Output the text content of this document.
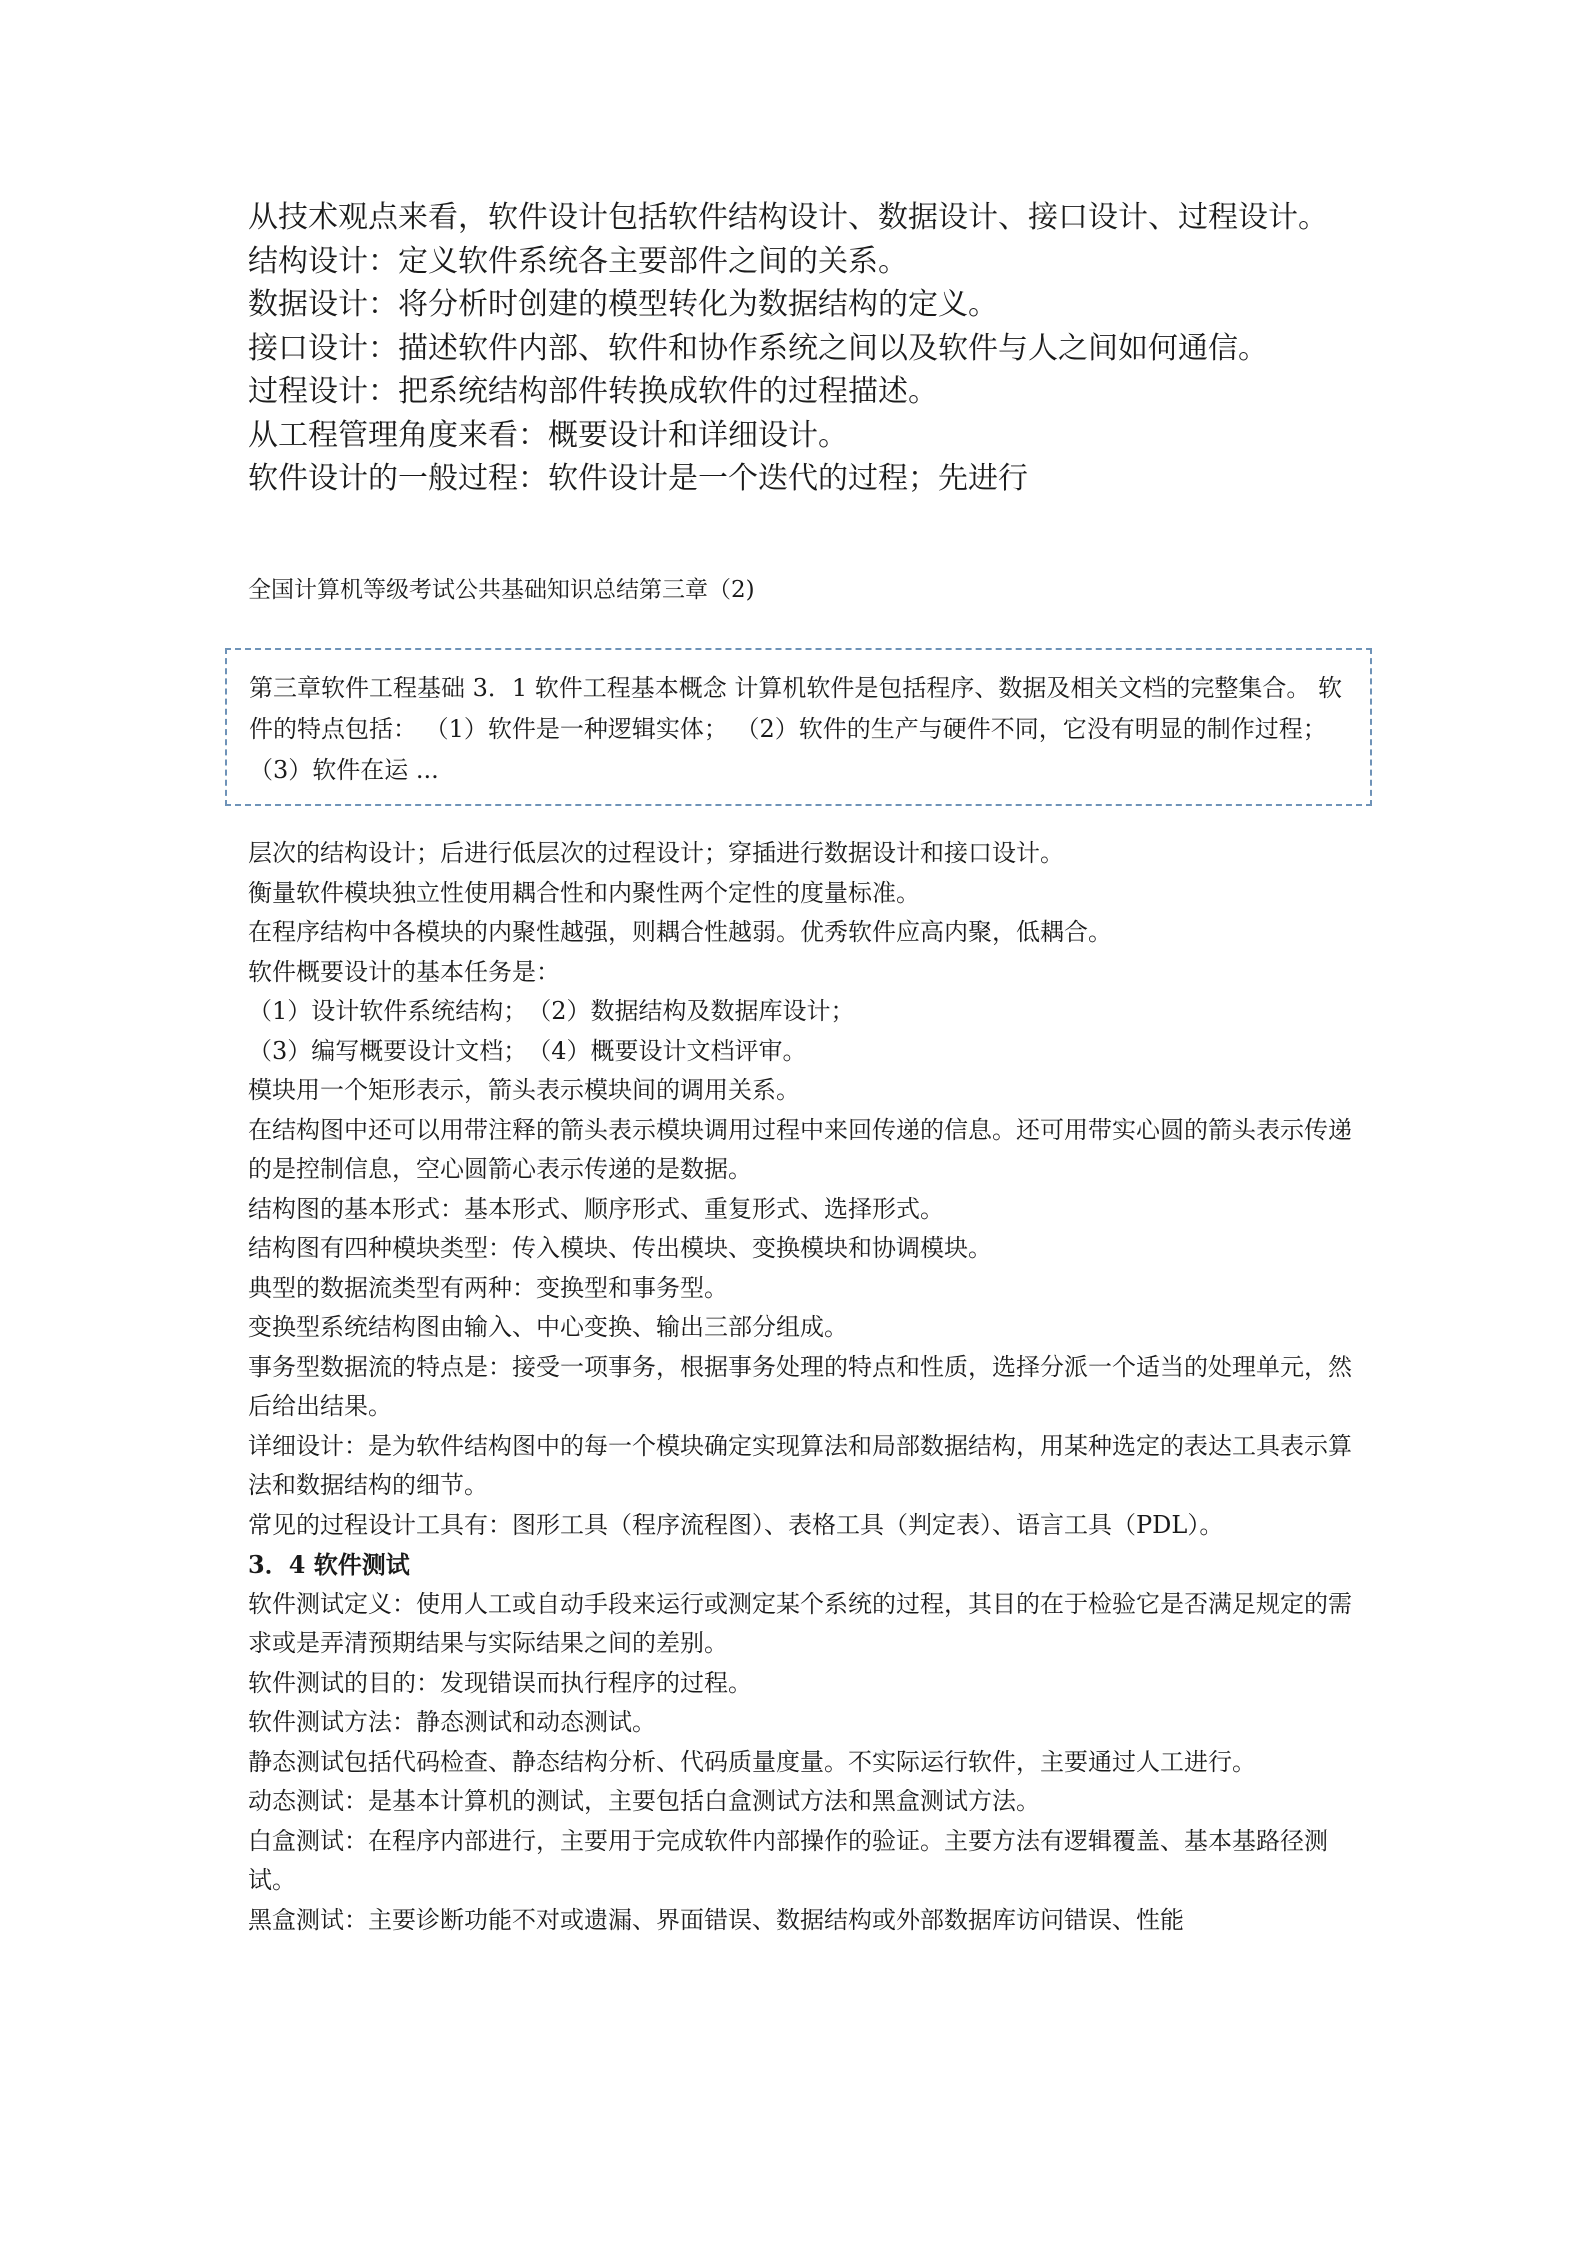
从技术观点来看，软件设计包括软件结构设计、数据设计、接口设计、过程设计。

结构设计：定义软件系统各主要部件之间的关系。

数据设计：将分析时创建的模型转化为数据结构的定义。

接口设计：描述软件内部、软件和协作系统之间以及软件与人之间如何通信。

过程设计：把系统结构部件转换成软件的过程描述。

从工程管理角度来看：概要设计和详细设计。

软件设计的一般过程：软件设计是一个迭代的过程；先进行

全国计算机等级考试公共基础知识总结第三章（2)

第三章软件工程基础 3．1 软件工程基本概念 计算机软件是包括程序、数据及相关文档的完整集合。 软件的特点包括： （1）软件是一种逻辑实体； （2）软件的生产与硬件不同，它没有明显的制作过程； （3）软件在运 ...

层次的结构设计；后进行低层次的过程设计；穿插进行数据设计和接口设计。

衡量软件模块独立性使用耦合性和内聚性两个定性的度量标准。

在程序结构中各模块的内聚性越强，则耦合性越弱。优秀软件应高内聚，低耦合。

软件概要设计的基本任务是：

（1）设计软件系统结构；　（2）数据结构及数据库设计；

（3）编写概要设计文档；　（4）概要设计文档评审。

模块用一个矩形表示，箭头表示模块间的调用关系。

在结构图中还可以用带注释的箭头表示模块调用过程中来回传递的信息。还可用带实心圆的箭头表示传递的是控制信息，空心圆箭心表示传递的是数据。

结构图的基本形式：基本形式、顺序形式、重复形式、选择形式。

结构图有四种模块类型：传入模块、传出模块、变换模块和协调模块。

典型的数据流类型有两种：变换型和事务型。

变换型系统结构图由输入、中心变换、输出三部分组成。

事务型数据流的特点是：接受一项事务，根据事务处理的特点和性质，选择分派一个适当的处理单元，然后给出结果。

详细设计：是为软件结构图中的每一个模块确定实现算法和局部数据结构，用某种选定的表达工具表示算法和数据结构的细节。

常见的过程设计工具有：图形工具（程序流程图）、表格工具（判定表）、语言工具（PDL）。

3．4 软件测试

软件测试定义：使用人工或自动手段来运行或测定某个系统的过程，其目的在于检验它是否满足规定的需求或是弄清预期结果与实际结果之间的差别。

软件测试的目的：发现错误而执行程序的过程。

软件测试方法：静态测试和动态测试。

静态测试包括代码检查、静态结构分析、代码质量度量。不实际运行软件，主要通过人工进行。

动态测试：是基本计算机的测试，主要包括白盒测试方法和黑盒测试方法。

白盒测试：在程序内部进行，主要用于完成软件内部操作的验证。主要方法有逻辑覆盖、基本基路径测试。

黑盒测试：主要诊断功能不对或遗漏、界面错误、数据结构或外部数据库访问错误、性能
